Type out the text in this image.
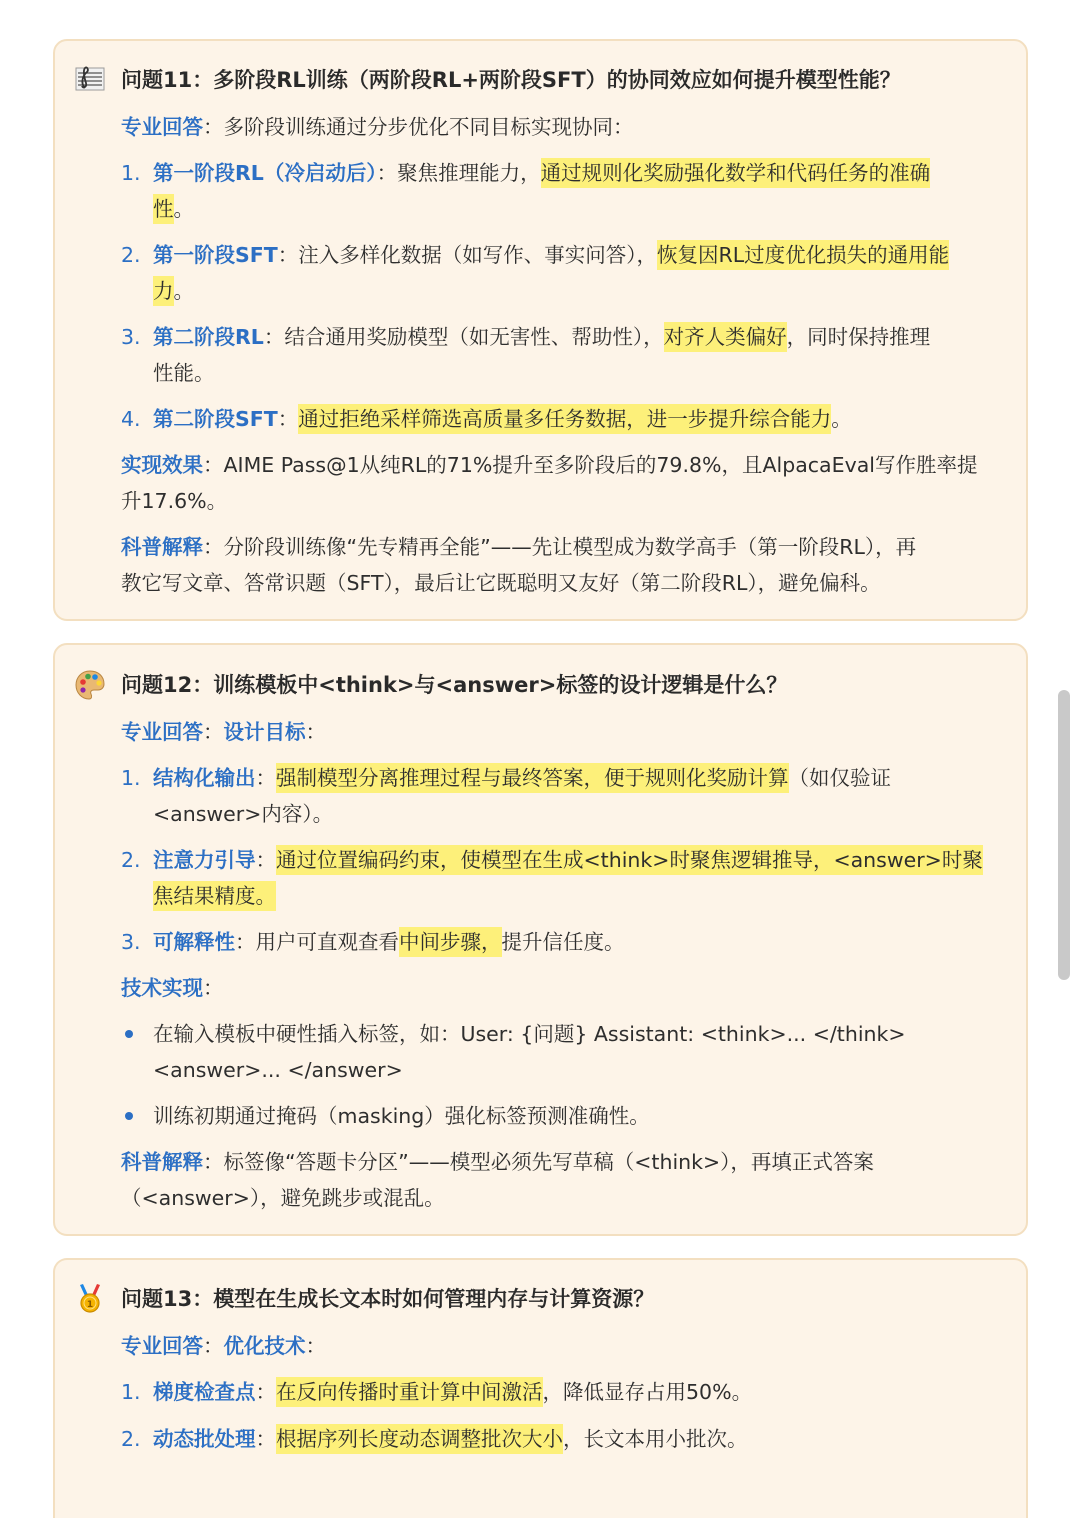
问题11：多阶段RL训练（两阶段RL+两阶段SFT）的协同效应如何提升模型性能？
专业回答：多阶段训练通过分步优化不同目标实现协同：
1. 第一阶段RL（冷启动后）：聚焦推理能力，通过规则化奖励强化数学和代码任务的准确
性。
2. 第一阶段SFT：注入多样化数据（如写作、事实问答），恢复因RL过度优化损失的通用能
力。
3. 第二阶段RL：结合通用奖励模型（如无害性、帮助性），对齐人类偏好，同时保持推理
性能。
4. 第二阶段SFT：通过拒绝采样筛选高质量多任务数据，进一步提升综合能力。
实现效果：AIME Pass@1从纯RL的71%提升至多阶段后的79.8%，且AlpacaEval写作胜率提
升17.6%。
科普解释：分阶段训练像“先专精再全能”——先让模型成为数学高手（第一阶段RL），再
教它写文章、答常识题（SFT），最后让它既聪明又友好（第二阶段RL），避免偏科。
问题12：训练模板中<think>与<answer>标签的设计逻辑是什么？
专业回答：设计目标：
1. 结构化输出：强制模型分离推理过程与最终答案，便于规则化奖励计算（如仅验证
<answer>内容）。
2. 注意力引导：通过位置编码约束，使模型在生成<think>时聚焦逻辑推导，<answer>时聚
焦结果精度。
3. 可解释性：用户可直观查看中间步骤，提升信任度。
技术实现：
在输入模板中硬性插入标签，如：User: {问题} Assistant: <think>... </think>
<answer>... </answer>
训练初期通过掩码（masking）强化标签预测准确性。
科普解释：标签像“答题卡分区”——模型必须先写草稿（<think>），再填正式答案
（<answer>），避免跳步或混乱。
1 问题13：模型在生成长文本时如何管理内存与计算资源？
专业回答：优化技术：
1. 梯度检查点：在反向传播时重计算中间激活，降低显存占用50%。
2. 动态批处理：根据序列长度动态调整批次大小，长文本用小批次。
